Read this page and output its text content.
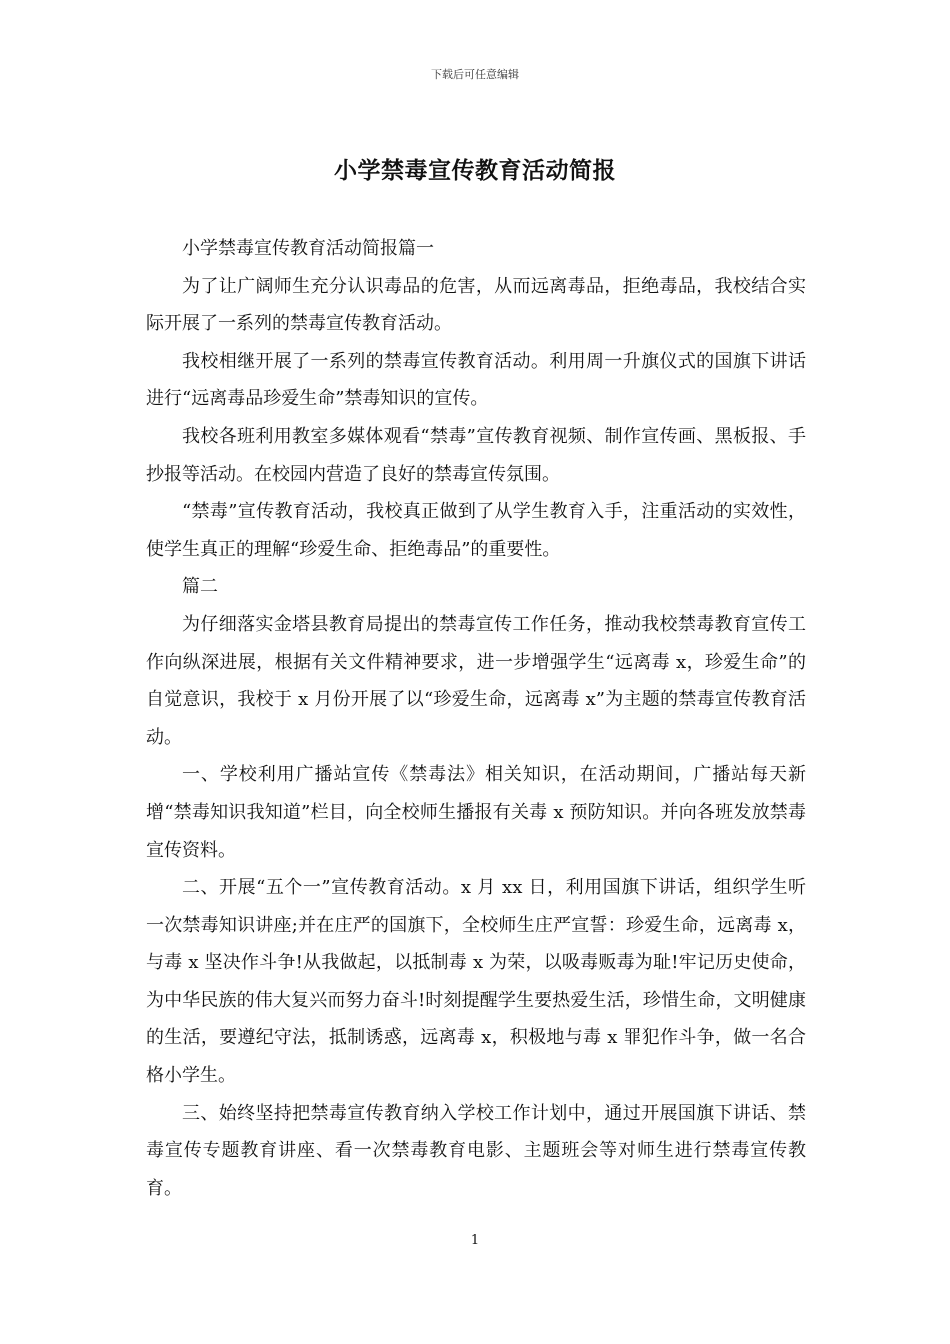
下载后可任意编辑
小学禁毒宣传教育活动简报

小学禁毒宣传教育活动简报篇一

为了让广阔师生充分认识毒品的危害，从而远离毒品，拒绝毒品，我校结合实际开展了一系列的禁毒宣传教育活动。

我校相继开展了一系列的禁毒宣传教育活动。利用周一升旗仪式的国旗下讲话进行“远离毒品珍爱生命”禁毒知识的宣传。

我校各班利用教室多媒体观看“禁毒”宣传教育视频、制作宣传画、黑板报、手抄报等活动。在校园内营造了良好的禁毒宣传氛围。

“禁毒”宣传教育活动，我校真正做到了从学生教育入手，注重活动的实效性，使学生真正的理解“珍爱生命、拒绝毒品”的重要性。

篇二

为仔细落实金塔县教育局提出的禁毒宣传工作任务，推动我校禁毒教育宣传工作向纵深进展，根据有关文件精神要求，进一步增强学生“远离毒 x，珍爱生命”的自觉意识，我校于 x 月份开展了以“珍爱生命，远离毒 x”为主题的禁毒宣传教育活动。

一、学校利用广播站宣传《禁毒法》相关知识，在活动期间，广播站每天新增“禁毒知识我知道”栏目，向全校师生播报有关毒 x 预防知识。并向各班发放禁毒宣传资料。

二、开展“五个一”宣传教育活动。x 月 xx 日，利用国旗下讲话，组织学生听一次禁毒知识讲座;并在庄严的国旗下，全校师生庄严宣誓：珍爱生命，远离毒 x，与毒 x 坚决作斗争!从我做起，以抵制毒 x 为荣，以吸毒贩毒为耻!牢记历史使命，为中华民族的伟大复兴而努力奋斗!时刻提醒学生要热爱生活，珍惜生命，文明健康的生活，要遵纪守法，抵制诱惑，远离毒 x，积极地与毒 x 罪犯作斗争，做一名合格小学生。

三、始终坚持把禁毒宣传教育纳入学校工作计划中，通过开展国旗下讲话、禁毒宣传专题教育讲座、看一次禁毒教育电影、主题班会等对师生进行禁毒宣传教育。

1
